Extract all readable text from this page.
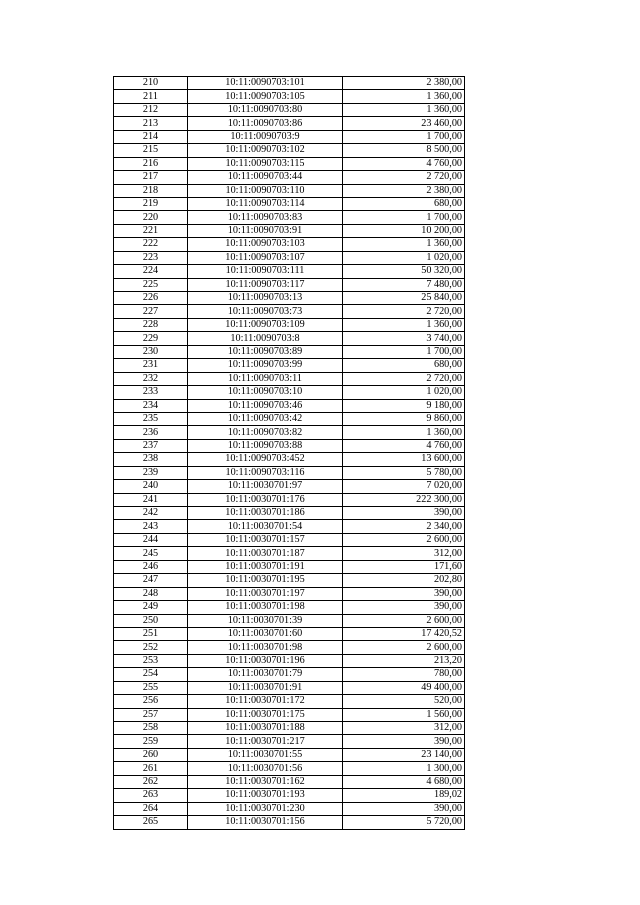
210	10:11:0090703:101	2 380,00
211	10:11:0090703:105	1 360,00
212	10:11:0090703:80	1 360,00
213	10:11:0090703:86	23 460,00
214	10:11:0090703:9	1 700,00
215	10:11:0090703:102	8 500,00
216	10:11:0090703:115	4 760,00
217	10:11:0090703:44	2 720,00
218	10:11:0090703:110	2 380,00
219	10:11:0090703:114	680,00
220	10:11:0090703:83	1 700,00
221	10:11:0090703:91	10 200,00
222	10:11:0090703:103	1 360,00
223	10:11:0090703:107	1 020,00
224	10:11:0090703:111	50 320,00
225	10:11:0090703:117	7 480,00
226	10:11:0090703:13	25 840,00
227	10:11:0090703:73	2 720,00
228	10:11:0090703:109	1 360,00
229	10:11:0090703:8	3 740,00
230	10:11:0090703:89	1 700,00
231	10:11:0090703:99	680,00
232	10:11:0090703:11	2 720,00
233	10:11:0090703:10	1 020,00
234	10:11:0090703:46	9 180,00
235	10:11:0090703:42	9 860,00
236	10:11:0090703:82	1 360,00
237	10:11:0090703:88	4 760,00
238	10:11:0090703:452	13 600,00
239	10:11:0090703:116	5 780,00
240	10:11:0030701:97	7 020,00
241	10:11:0030701:176	222 300,00
242	10:11:0030701:186	390,00
243	10:11:0030701:54	2 340,00
244	10:11:0030701:157	2 600,00
245	10:11:0030701:187	312,00
246	10:11:0030701:191	171,60
247	10:11:0030701:195	202,80
248	10:11:0030701:197	390,00
249	10:11:0030701:198	390,00
250	10:11:0030701:39	2 600,00
251	10:11:0030701:60	17 420,52
252	10:11:0030701:98	2 600,00
253	10:11:0030701:196	213,20
254	10:11:0030701:79	780,00
255	10:11:0030701:91	49 400,00
256	10:11:0030701:172	520,00
257	10:11:0030701:175	1 560,00
258	10:11:0030701:188	312,00
259	10:11:0030701:217	390,00
260	10:11:0030701:55	23 140,00
261	10:11:0030701:56	1 300,00
262	10:11:0030701:162	4 680,00
263	10:11:0030701:193	189,02
264	10:11:0030701:230	390,00
265	10:11:0030701:156	5 720,00
